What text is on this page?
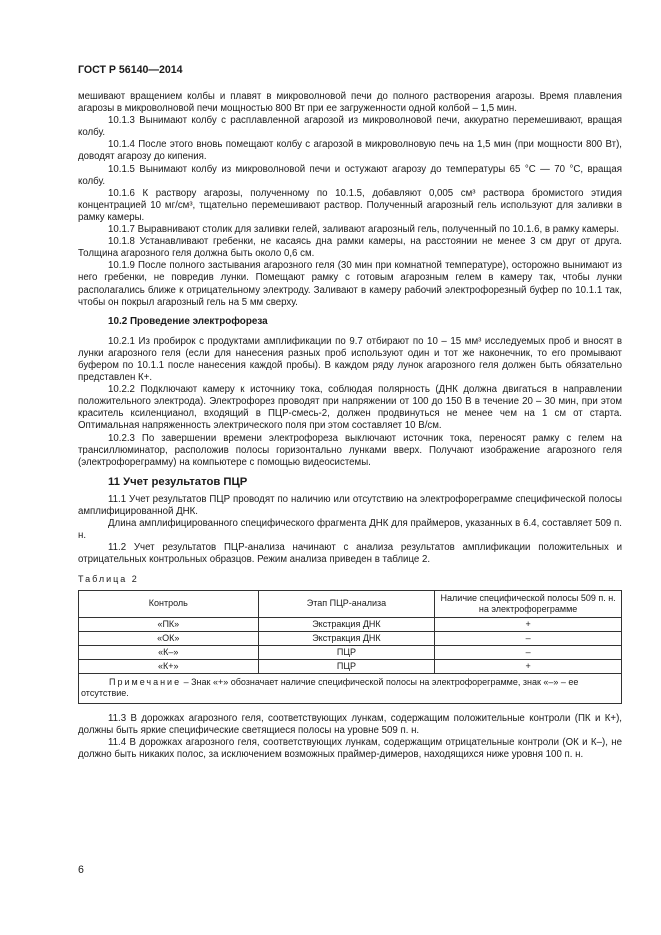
ГОСТ Р 56140—2014

мешивают вращением колбы и плавят в микроволновой печи до полного растворения агарозы. Время плавления агарозы в микроволновой печи мощностью 800 Вт при ее загруженности одной колбой – 1,5 мин.

10.1.3 Вынимают колбу с расплавленной агарозой из микроволновой печи, аккуратно перемешивают, вращая колбу.

10.1.4 После этого вновь помещают колбу с агарозой в микроволновую печь на 1,5 мин (при мощности 800 Вт), доводят агарозу до кипения.

10.1.5 Вынимают колбу из микроволновой печи и остужают агарозу до температуры 65 °С — 70 °С, вращая колбу.

10.1.6 К раствору агарозы, полученному по 10.1.5, добавляют 0,005 см³ раствора бромистого этидия концентрацией 10 мг/см³, тщательно перемешивают раствор. Полученный агарозный гель используют для заливки в рамку камеры.

10.1.7 Выравнивают столик для заливки гелей, заливают агарозный гель, полученный по 10.1.6, в рамку камеры.

10.1.8 Устанавливают гребенки, не касаясь дна рамки камеры, на расстоянии не менее 3 см друг от друга. Толщина агарозного геля должна быть около 0,6 см.

10.1.9 После полного застывания агарозного геля (30 мин при комнатной температуре), осторожно вынимают из него гребенки, не повредив лунки. Помещают рамку с готовым агарозным гелем в камеру так, чтобы лунки располагались ближе к отрицательному электроду. Заливают в камеру рабочий электрофорезный буфер по 10.1.1 так, чтобы он покрыл агарозный гель на 5 мм сверху.

10.2 Проведение электрофореза

10.2.1 Из пробирок с продуктами амплификации по 9.7 отбирают по 10 – 15 мм³ исследуемых проб и вносят в лунки агарозного геля (если для нанесения разных проб используют один и тот же наконечник, то его промывают буфером по 10.1.1 после нанесения каждой пробы). В каждом ряду лунок агарозного геля должен быть обязательно представлен К+.

10.2.2 Подключают камеру к источнику тока, соблюдая полярность (ДНК должна двигаться в направлении положительного электрода). Электрофорез проводят при напряжении от 100 до 150 В в течение 20 – 30 мин, при этом краситель ксиленцианол, входящий в ПЦР-смесь-2, должен продвинуться не менее чем на 1 см от старта. Оптимальная напряженность электрического поля при этом составляет 10 В/см.

10.2.3 По завершении времени электрофореза выключают источник тока, переносят рамку с гелем на трансиллюминатор, расположив полосы горизонтально лунками вверх. Получают изображение агарозного геля (электрофореграмму) на компьютере с помощью видеосистемы.

11 Учет результатов ПЦР

11.1 Учет результатов ПЦР проводят по наличию или отсутствию на электрофореграмме специфической полосы амплифицированной ДНК.

Длина амплифицированного специфического фрагмента ДНК для праймеров, указанных в 6.4, составляет 509 п. н.

11.2 Учет результатов ПЦР-анализа начинают с анализа результатов амплификации положительных и отрицательных контрольных образцов. Режим анализа приведен в таблице 2.

Таблица 2
Контроль	Этап ПЦР-анализа	Наличие специфической полосы 509 п. н. на электрофореграмме
«ПК»	Экстракция ДНК	+
«ОК»	Экстракция ДНК	–
«К–»	ПЦР	–
«К+»	ПЦР	+
Примечание – Знак «+» обозначает наличие специфической полосы на электрофореграмме, знак «–» – ее отсутствие.		

11.3 В дорожках агарозного геля, соответствующих лункам, содержащим положительные контроли (ПК и К+), должны быть яркие специфические светящиеся полосы на уровне 509 п. н.

11.4 В дорожках агарозного геля, соответствующих лункам, содержащим отрицательные контроли (ОК и К–), не должно быть никаких полос, за исключением возможных праймер-димеров, находящихся ниже уровня 100 п. н.

6
